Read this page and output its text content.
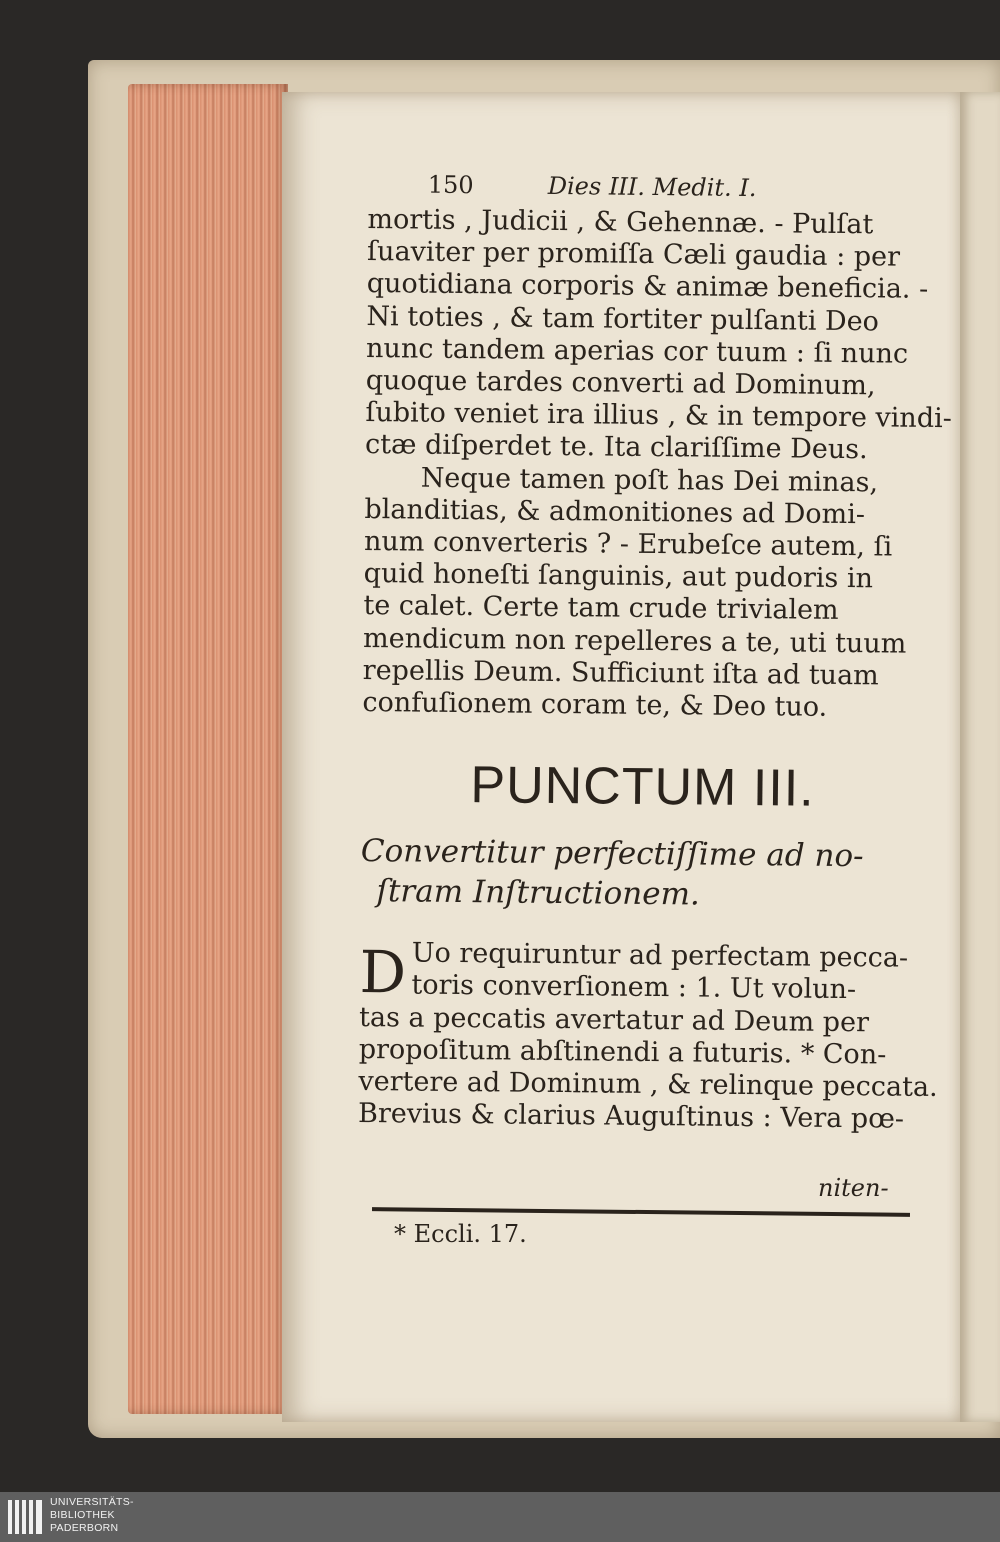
150	Dies III. Medit. I.
mortis , Judicii , & Gehennæ. - Pulſat
ſuaviter per promiſſa Cæli gaudia : per
quotidiana corporis & animæ beneficia. -
Ni toties , & tam fortiter pulſanti Deo
nunc tandem aperias cor tuum : ſi nunc
quoque tardes converti ad Dominum,
ſubito veniet ira illius , & in tempore vindi-
ctæ diſperdet te. Ita clariſſime Deus.
Neque tamen poſt has Dei minas,
blanditias, & admonitiones ad Domi-
num converteris ? - Erubeſce autem, ſi
quid honeſti ſanguinis, aut pudoris in
te calet. Certe tam crude trivialem
mendicum non repelleres a te, uti tuum
repellis Deum. Sufficiunt iſta ad tuam
confuſionem coram te, & Deo tuo.
PUNCTUM III.
Convertitur perfectiſſime ad no-
ſtram Inſtructionem.
D Uo requiruntur ad perfectam pecca-
toris converſionem : 1. Ut volun-
tas a peccatis avertatur ad Deum per
propoſitum abſtinendi a futuris. * Con-
vertere ad Dominum , & relinque peccata.
Brevius & clarius Auguſtinus : Vera pœ-
niten-
* Eccli. 17.
UNIVERSITÄTS-
BIBLIOTHEK
PADERBORN
